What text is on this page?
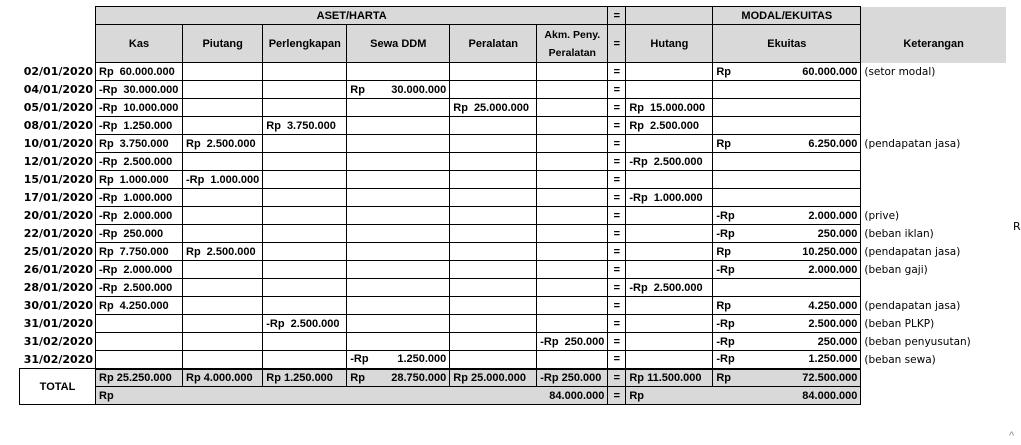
	ASET/HARTA						=		MODAL/EKUITAS	
	Kas	Piutang	Perlengkapan	Sewa DDM	Peralatan	Akm. Peny. Peralatan	=	Hutang	Ekuitas	Keterangan
02/01/2020	Rp 60.000.000						=		Rp 60.000.000	(setor modal)
04/01/2020	-Rp 30.000.000			Rp 30.000.000			=			
05/01/2020	-Rp 10.000.000				Rp 25.000.000		=	Rp 15.000.000		

08/01/2020	-Rp 1.250.000		Rp 3.750.000				=	Rp 2.500.000		

10/01/2020	Rp 3.750.000	Rp 2.500.000					=		Rp 6.250.000	(pendapatan jasa)
12/01/2020	-Rp 2.500.000						=	-Rp 2.500.000		

15/01/2020	Rp 1.000.000	-Rp 1.000.000					=			
17/01/2020	-Rp 1.000.000						=	-Rp 1.000.000		

20/01/2020	-Rp 2.000.000						=		-Rp 2.000.000	(prive)
22/01/2020	-Rp 250.000						=		-Rp 250.000	(beban iklan)
25/01/2020	Rp 7.750.000	Rp 2.500.000					=		Rp 10.250.000	(pendapatan jasa)
26/01/2020	-Rp 2.000.000						=		-Rp 2.000.000	(beban gaji)
28/01/2020	-Rp 2.500.000						=	-Rp 2.500.000		

30/01/2020	Rp 4.250.000						=		Rp 4.250.000	(pendapatan jasa)
31/01/2020			-Rp 2.500.000				=		-Rp 2.500.000	(beban PLKP)
31/02/2020						-Rp 250.000	=		-Rp 250.000	(beban penyusutan)
31/02/2020				-Rp 1.250.000			=		-Rp 1.250.000	(beban sewa)
TOTAL	Rp 25.250.000	Rp 4.000.000	Rp 1.250.000	Rp 28.750.000	Rp 25.000.000	-Rp 250.000	=	Rp 11.500.000	Rp 72.500.000	

	Rp 84.000.000						=	Rp 84.000.000		

R
^
